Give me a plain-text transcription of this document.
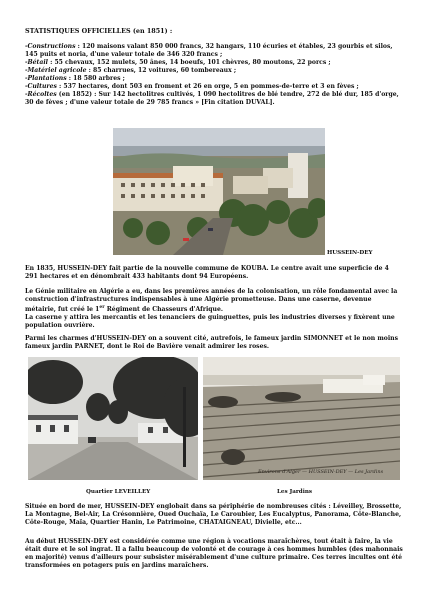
STATISTIQUES OFFICIELLES (en 1851) :

-Constructions : 120 maisons valant 850 000 francs, 32 hangars, 110 écuries et étables, 23 gourbis et silos, 145 puits et noria, d'une valeur totale de 346 320 francs ;

-Bétail : 55 chevaux, 152 mulets, 50 ânes, 14 boeufs, 101 chèvres, 80 moutons, 22 porcs ;

-Matériel agricole : 85 charrues, 12 voitures, 60 tombereaux ;

-Plantations : 18 580 arbres ;

-Cultures : 537 hectares, dont 503 en froment et 26 en orge, 5 en pommes-de-terre et 3 en fèves ;

-Récoltes (en 1852) : Sur 142 hectolitres cultivés, 1 090 hectolitres de blé tendre, 272 de blé dur, 185 d'orge, 30 de fèves ; d'une valeur totale de 29 785 francs » [Fin citation DUVAL].

HUSSEIN-DEY
En 1835, HUSSEIN-DEY fait partie de la nouvelle commune de KOUBA. Le centre avait une superficie de 4 291 hectares et en dénombrait 433 habitants dont 94 Européens.
Le Génie militaire en Algérie a eu, dans les premières années de la colonisation, un rôle fondamental avec la construction d'infrastructures indispensables à une Algérie prometteuse. Dans une caserne, devenue métairie, fut créé le 1er Régiment de Chasseurs d'Afrique.
La caserne y attira les mercantis et les tenanciers de guinguettes, puis les industries diverses y fixèrent une population ouvrière.
Parmi les charmes d'HUSSEIN-DEY on a souvent cité, autrefois, le fameux jardin SIMONNET et le non moins fameux jardin PARNET, dont le Roi de Bavière venait admirer les roses.
Quartier LEVEILLEY
Environs d'Alger — HUSSEIN-DEY — Les Jardins
Les Jardins
Située en bord de mer, HUSSEIN-DEY englobait dans sa périphérie de nombreuses cités : Léveilley, Brossette, La Montagne, Bel-Air, La Crésonnière, Oued Ouchaïa, Le Caroubier, Les Eucalyptus, Panorama, Côte-Blanche, Côte-Rouge, Maïa, Quartier Hanin, Le Patrimoine, CHATAIGNEAU, Divielle, etc...
Au début HUSSEIN-DEY est considérée comme une région à vocations maraîchères, tout était à faire, la vie était dure et le sol ingrat. Il a fallu beaucoup de volonté et de courage à ces hommes humbles (des mahonnais en majorité) venus d'ailleurs pour subsister misérablement d'une culture primaire. Ces terres incultes ont été transformées en potagers puis en jardins maraîchers.
